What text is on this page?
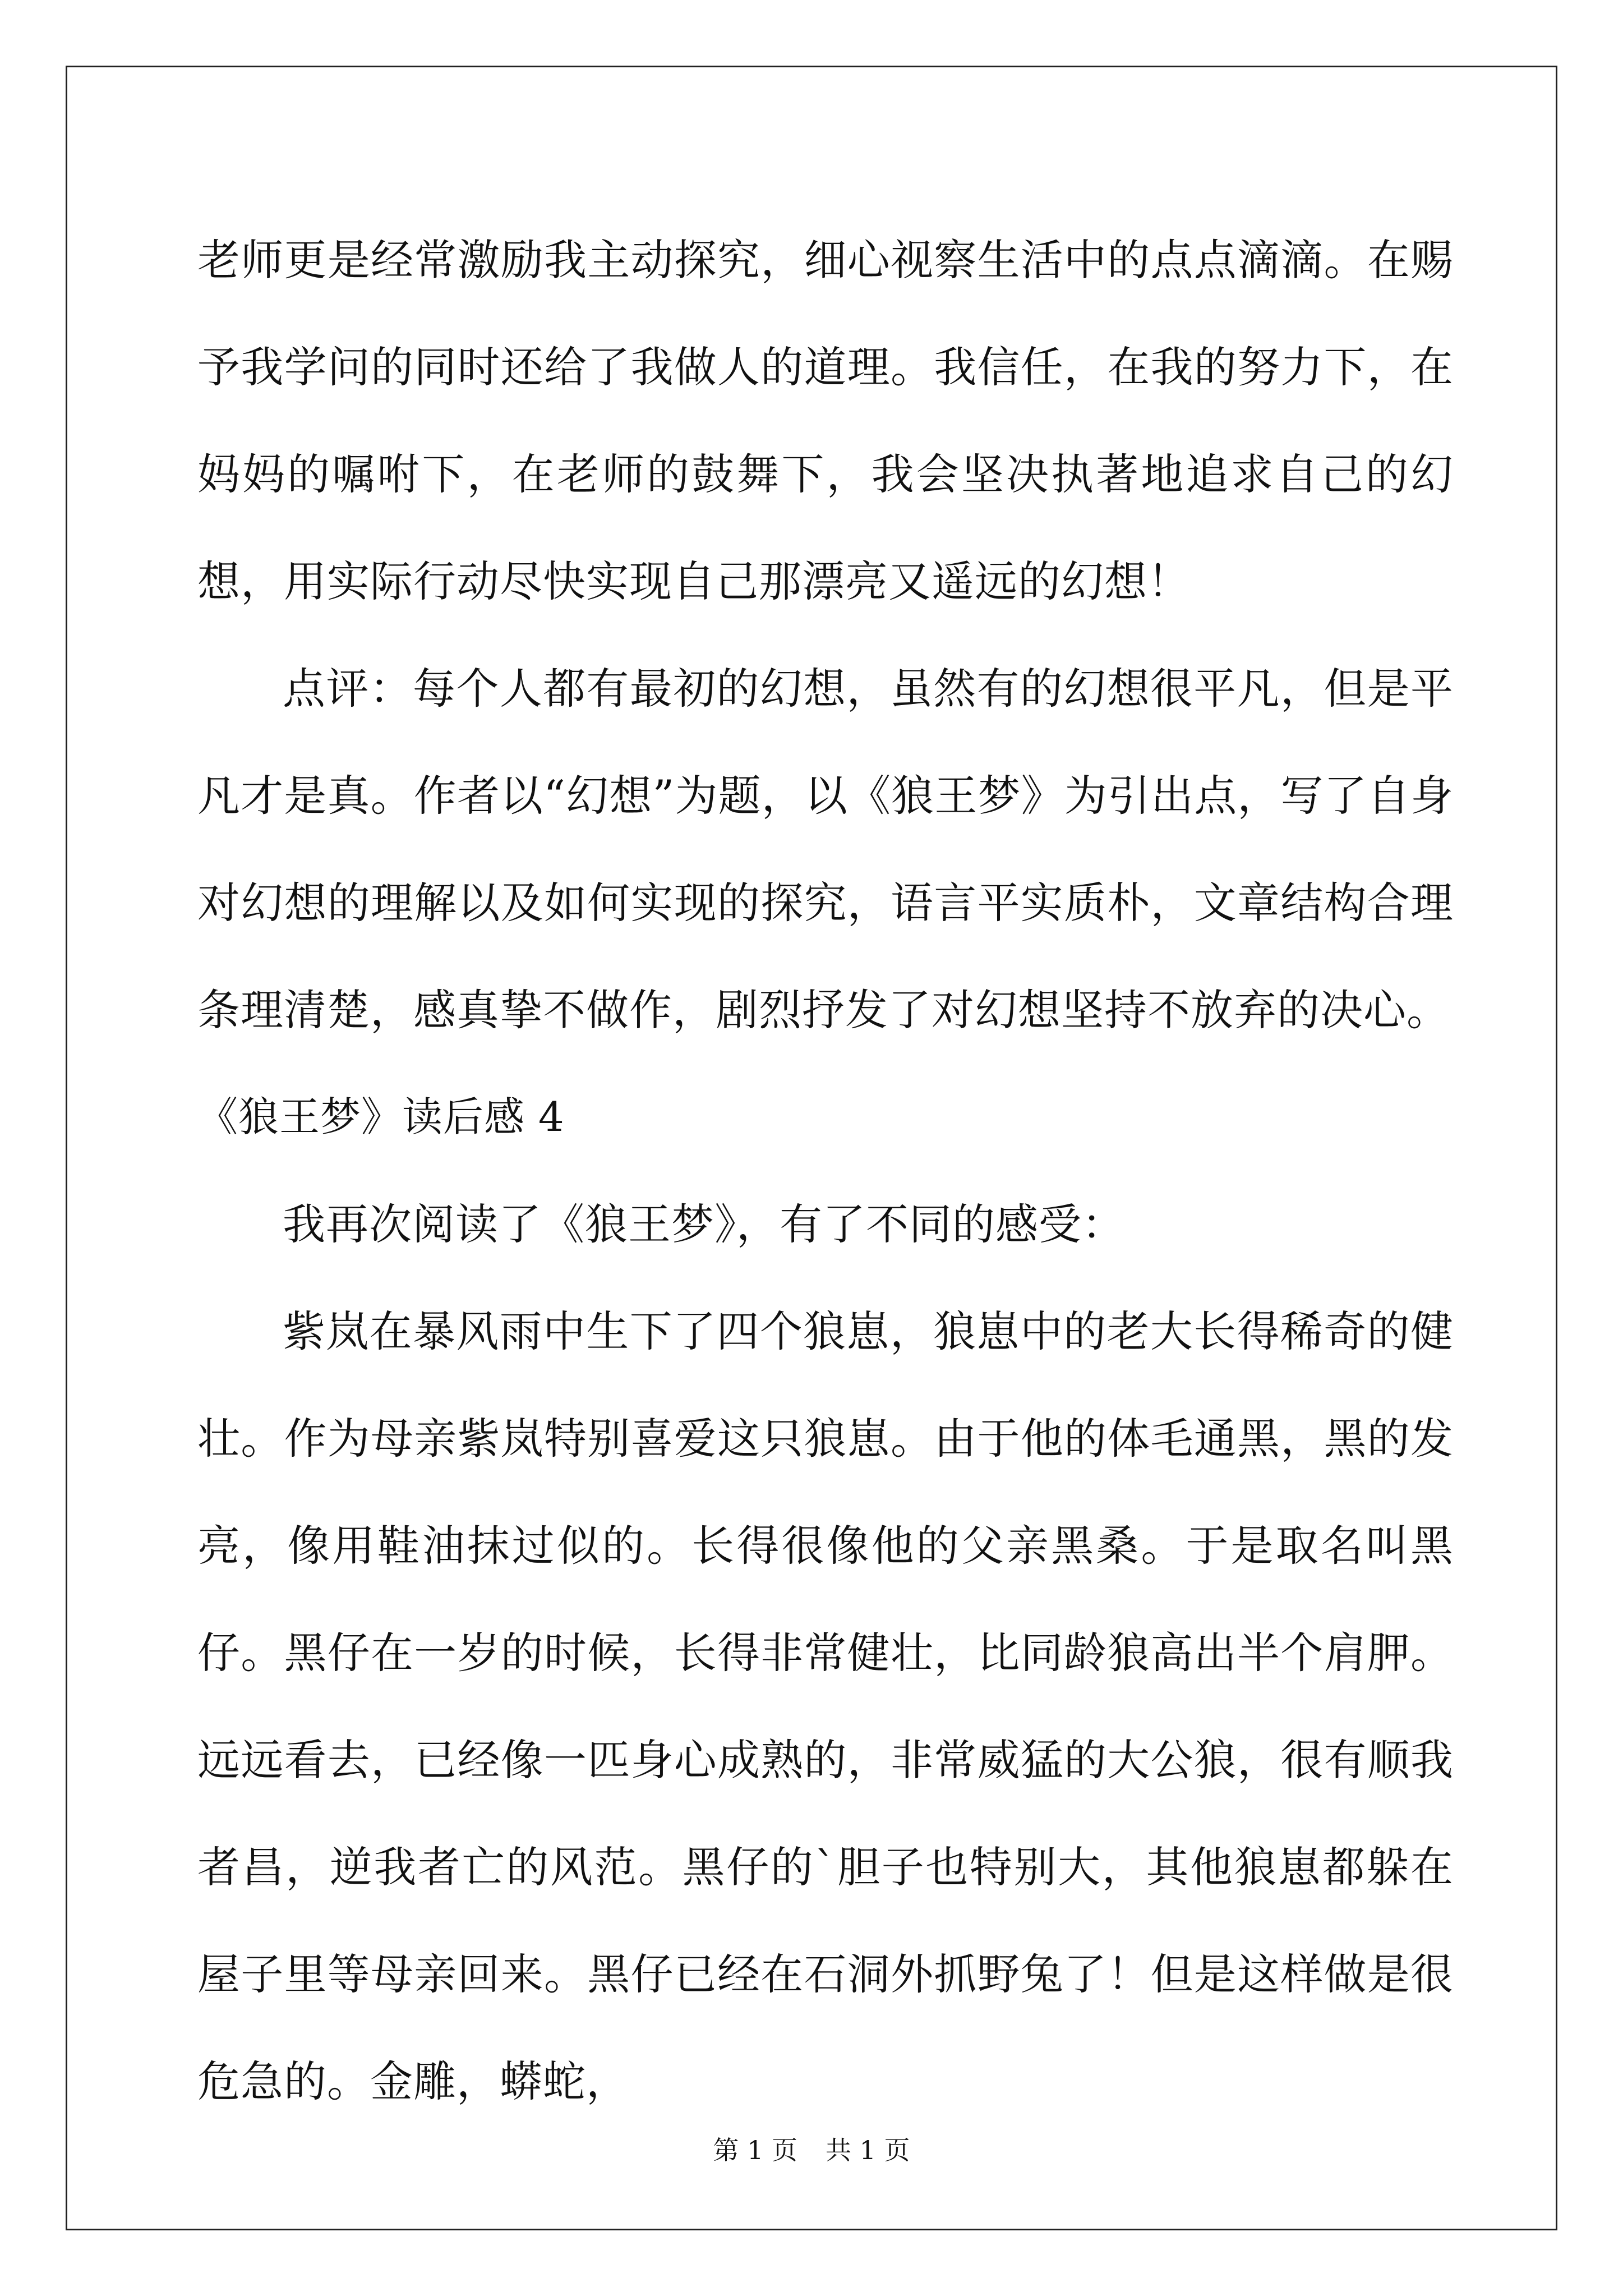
老师更是经常激励我主动探究，细心视察生活中的点点滴滴。在赐予我学问的同时还给了我做人的道理。我信任，在我的努力下，在妈妈的嘱咐下，在老师的鼓舞下，我会坚决执著地追求自己的幻想，用实际行动尽快实现自己那漂亮又遥远的幻想！

点评：每个人都有最初的幻想，虽然有的幻想很平凡，但是平凡才是真。作者以“幻想”为题，以《狼王梦》为引出点，写了自身对幻想的理解以及如何实现的探究，语言平实质朴，文章结构合理条理清楚，感真挚不做作，剧烈抒发了对幻想坚持不放弃的决心。

《狼王梦》读后感 4

我再次阅读了《狼王梦》，有了不同的感受：

紫岚在暴风雨中生下了四个狼崽，狼崽中的老大长得稀奇的健壮。作为母亲紫岚特别喜爱这只狼崽。由于他的体毛通黑，黑的发亮，像用鞋油抹过似的。长得很像他的父亲黑桑。于是取名叫黑仔。黑仔在一岁的时候，长得非常健壮，比同龄狼高出半个肩胛。远远看去，已经像一匹身心成熟的，非常威猛的大公狼，很有顺我者昌，逆我者亡的风范。黑仔的`胆子也特别大，其他狼崽都躲在屋子里等母亲回来。黑仔已经在石洞外抓野兔了！但是这样做是很危急的。金雕，蟒蛇，

第 1 页 共 1 页
